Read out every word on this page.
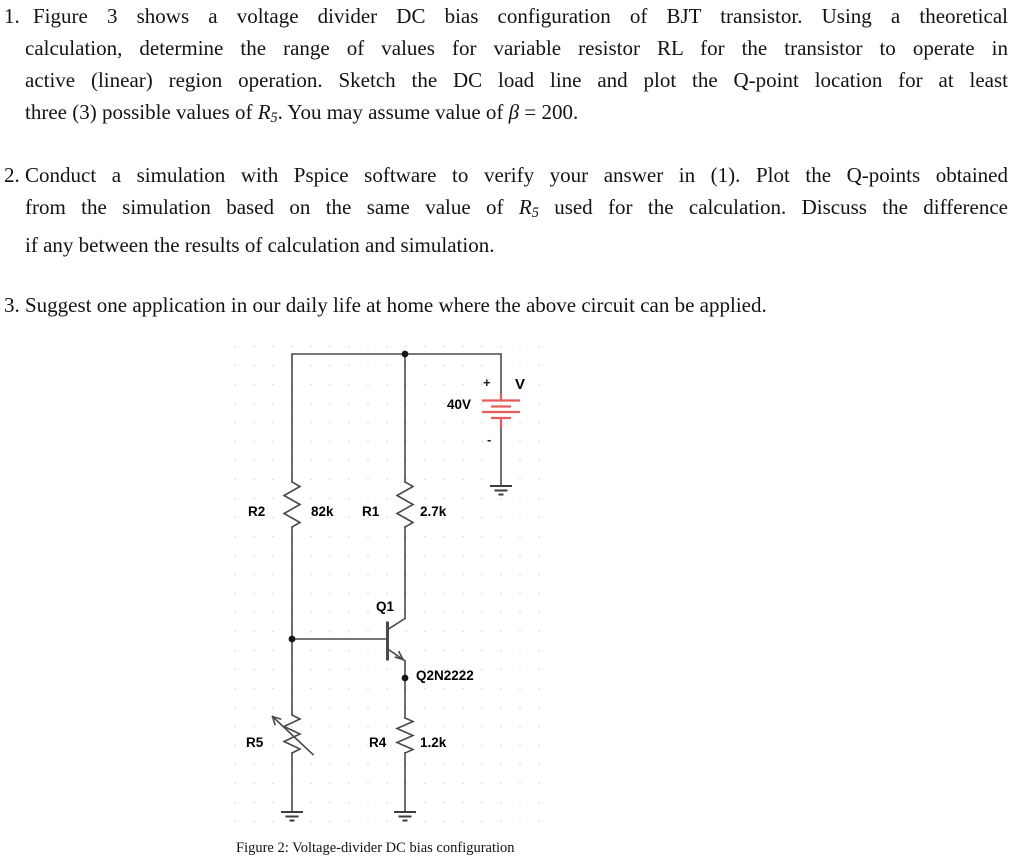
1. Figure 3 shows a voltage divider DC bias configuration of BJT transistor. Using a theoretical
calculation, determine the range of values for variable resistor RL for the transistor to operate in
active (linear) region operation. Sketch the DC load line and plot the Q-point location for at least
three (3) possible values of R5. You may assume value of β = 200.
2. Conduct a simulation with Pspice software to verify your answer in (1). Plot the Q-points obtained
from the simulation based on the same value of R5 used for the calculation. Discuss the difference
if any between the results of calculation and simulation.
3. Suggest one application in our daily life at home where the above circuit can be applied.
R2	82k R1	2.7k
Q1
Q2N2222
R5	R4 1.2k
40V
V
+
-
Figure 2: Voltage-divider DC bias configuration
